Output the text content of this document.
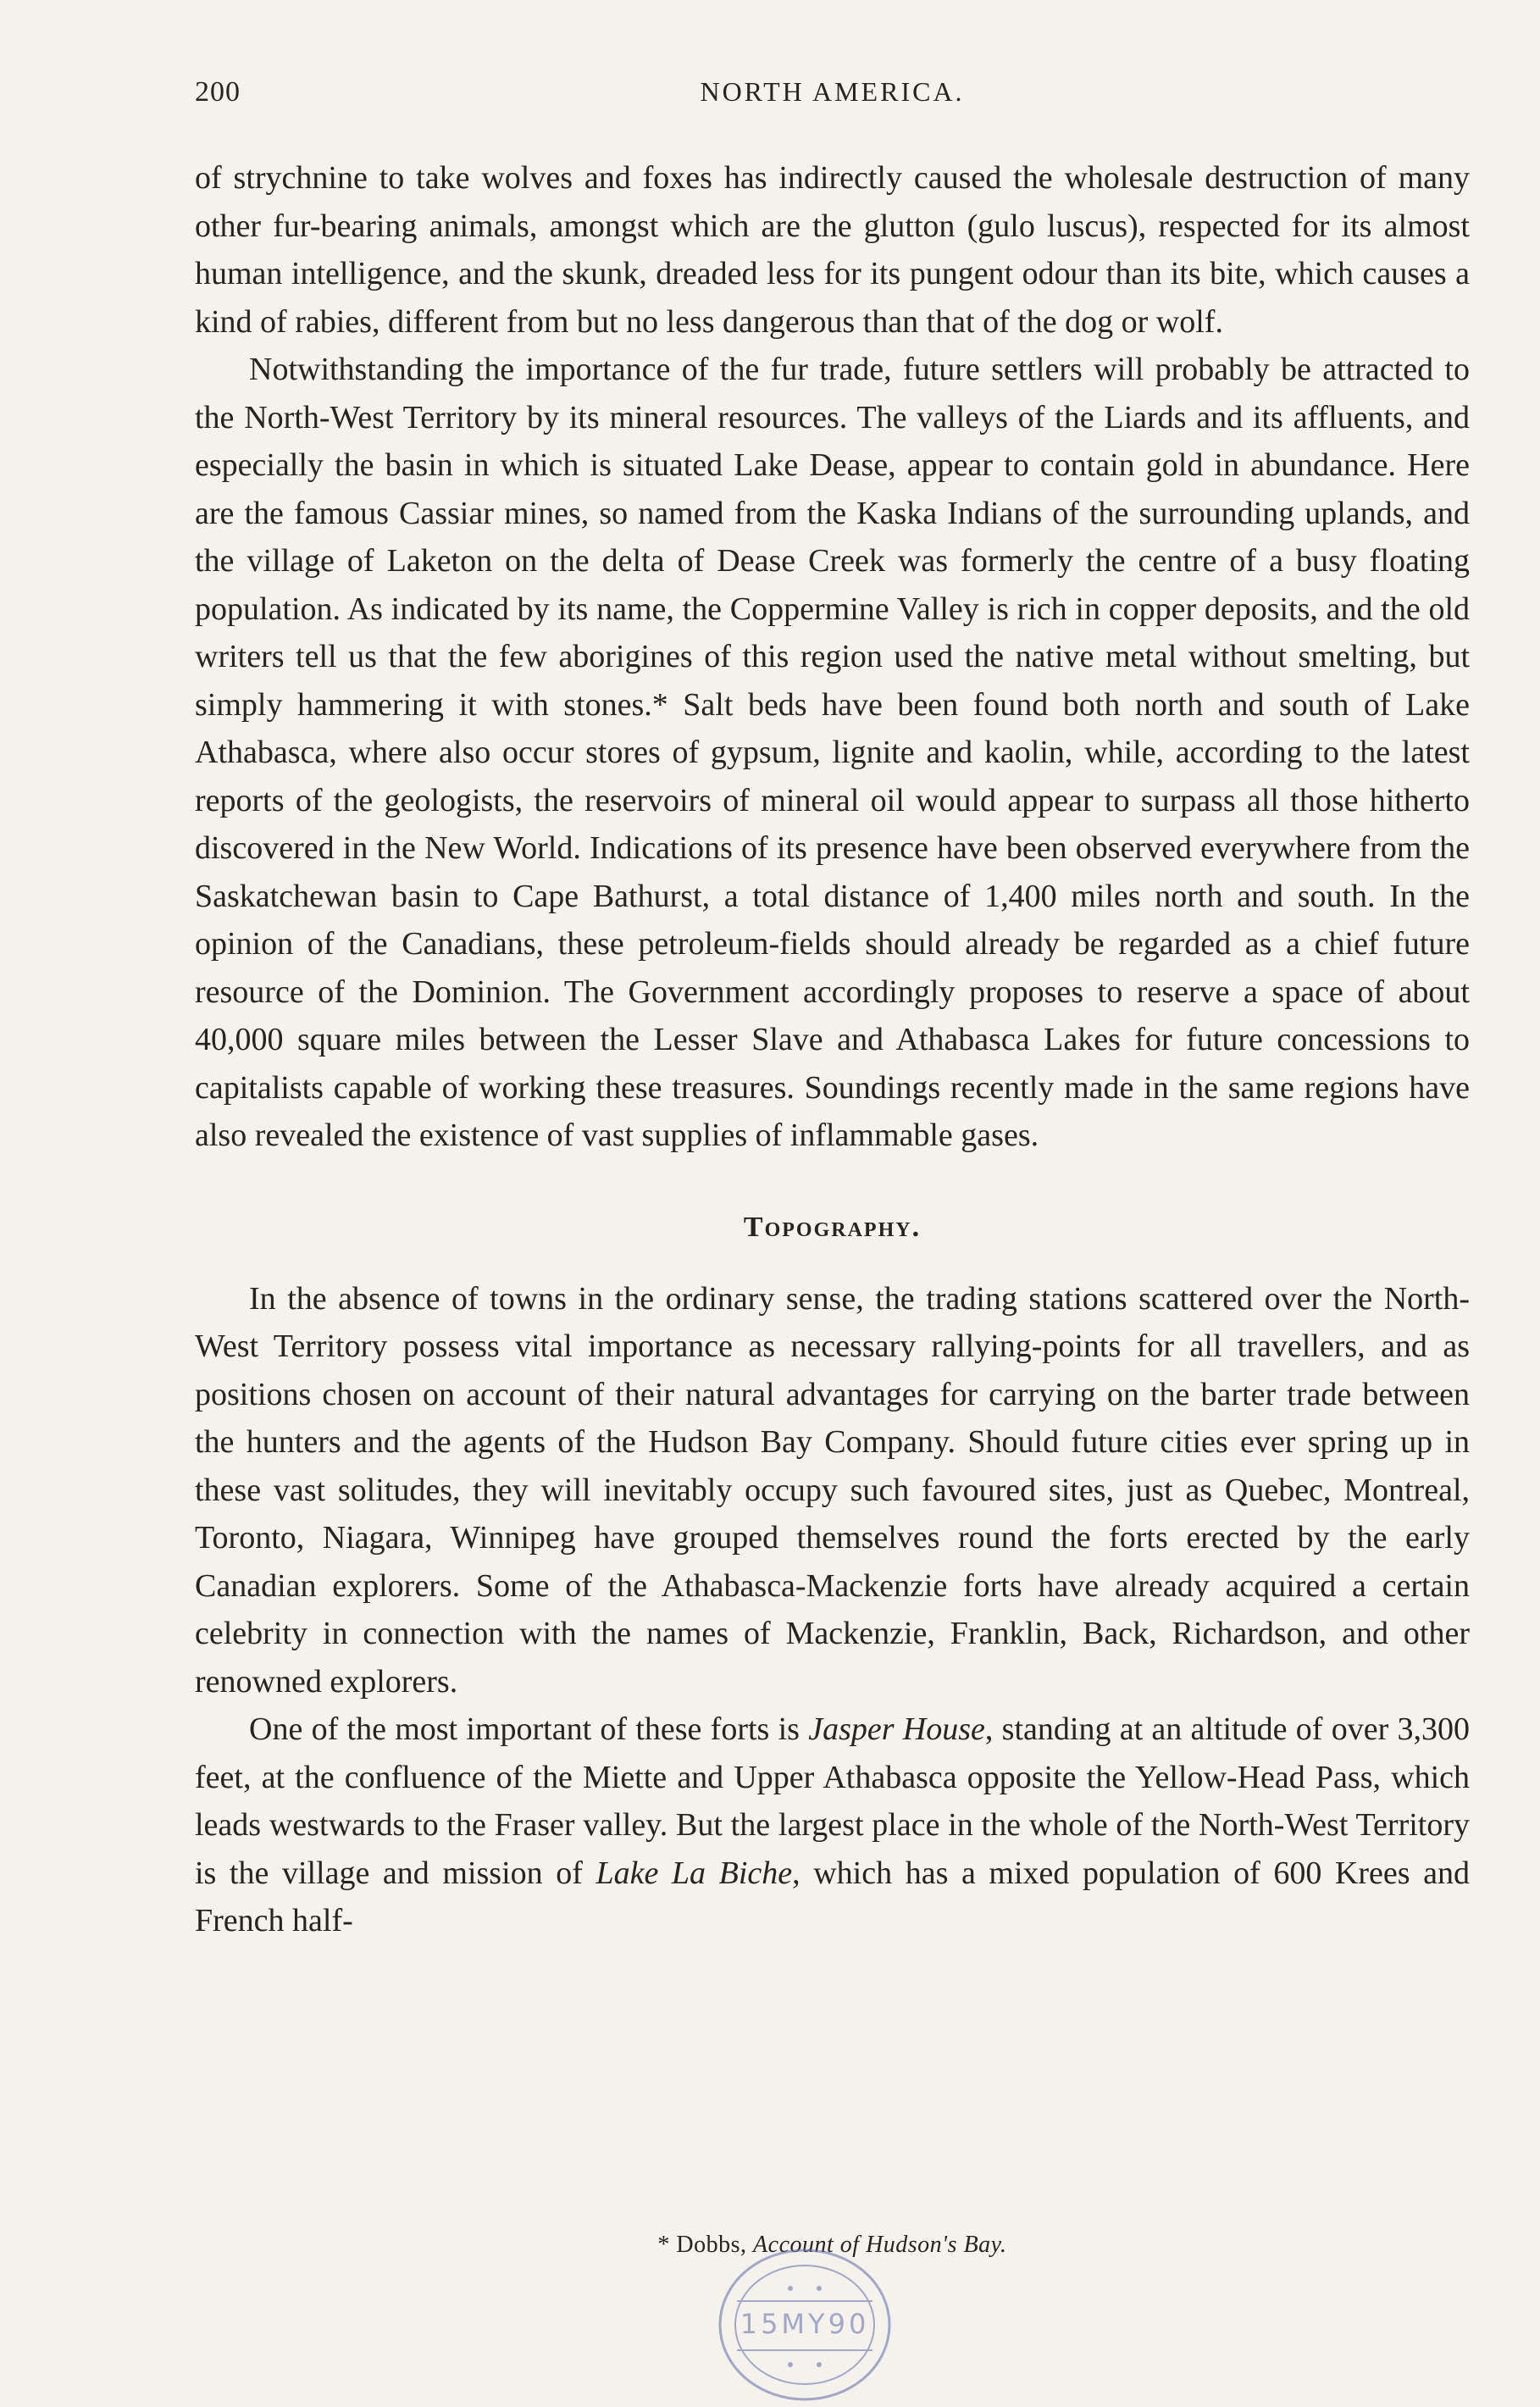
200	NORTH AMERICA.

of strychnine to take wolves and foxes has indirectly caused the wholesale destruction of many other fur-bearing animals, amongst which are the glutton (gulo luscus), respected for its almost human intelligence, and the skunk, dreaded less for its pungent odour than its bite, which causes a kind of rabies, different from but no less dangerous than that of the dog or wolf.

Notwithstanding the importance of the fur trade, future settlers will probably be attracted to the North-West Territory by its mineral resources. The valleys of the Liards and its affluents, and especially the basin in which is situated Lake Dease, appear to contain gold in abundance. Here are the famous Cassiar mines, so named from the Kaska Indians of the surrounding uplands, and the village of Laketon on the delta of Dease Creek was formerly the centre of a busy floating population. As indicated by its name, the Coppermine Valley is rich in copper deposits, and the old writers tell us that the few aborigines of this region used the native metal without smelting, but simply hammering it with stones.* Salt beds have been found both north and south of Lake Athabasca, where also occur stores of gypsum, lignite and kaolin, while, according to the latest reports of the geologists, the reservoirs of mineral oil would appear to surpass all those hitherto discovered in the New World. Indications of its presence have been observed everywhere from the Saskatchewan basin to Cape Bathurst, a total distance of 1,400 miles north and south. In the opinion of the Canadians, these petroleum-fields should already be regarded as a chief future resource of the Dominion. The Government accordingly proposes to reserve a space of about 40,000 square miles between the Lesser Slave and Athabasca Lakes for future concessions to capitalists capable of working these treasures. Soundings recently made in the same regions have also revealed the existence of vast supplies of inflammable gases.

Topography.

In the absence of towns in the ordinary sense, the trading stations scattered over the North-West Territory possess vital importance as necessary rallying-points for all travellers, and as positions chosen on account of their natural advantages for carrying on the barter trade between the hunters and the agents of the Hudson Bay Company. Should future cities ever spring up in these vast solitudes, they will inevitably occupy such favoured sites, just as Quebec, Montreal, Toronto, Niagara, Winnipeg have grouped themselves round the forts erected by the early Canadian explorers. Some of the Athabasca-Mackenzie forts have already acquired a certain celebrity in connection with the names of Mackenzie, Franklin, Back, Richardson, and other renowned explorers.

One of the most important of these forts is Jasper House, standing at an altitude of over 3,300 feet, at the confluence of the Miette and Upper Athabasca opposite the Yellow-Head Pass, which leads westwards to the Fraser valley. But the largest place in the whole of the North-West Territory is the village and mission of Lake La Biche, which has a mixed population of 600 Krees and French half-

* Dobbs, Account of Hudson's Bay.
15MY90
